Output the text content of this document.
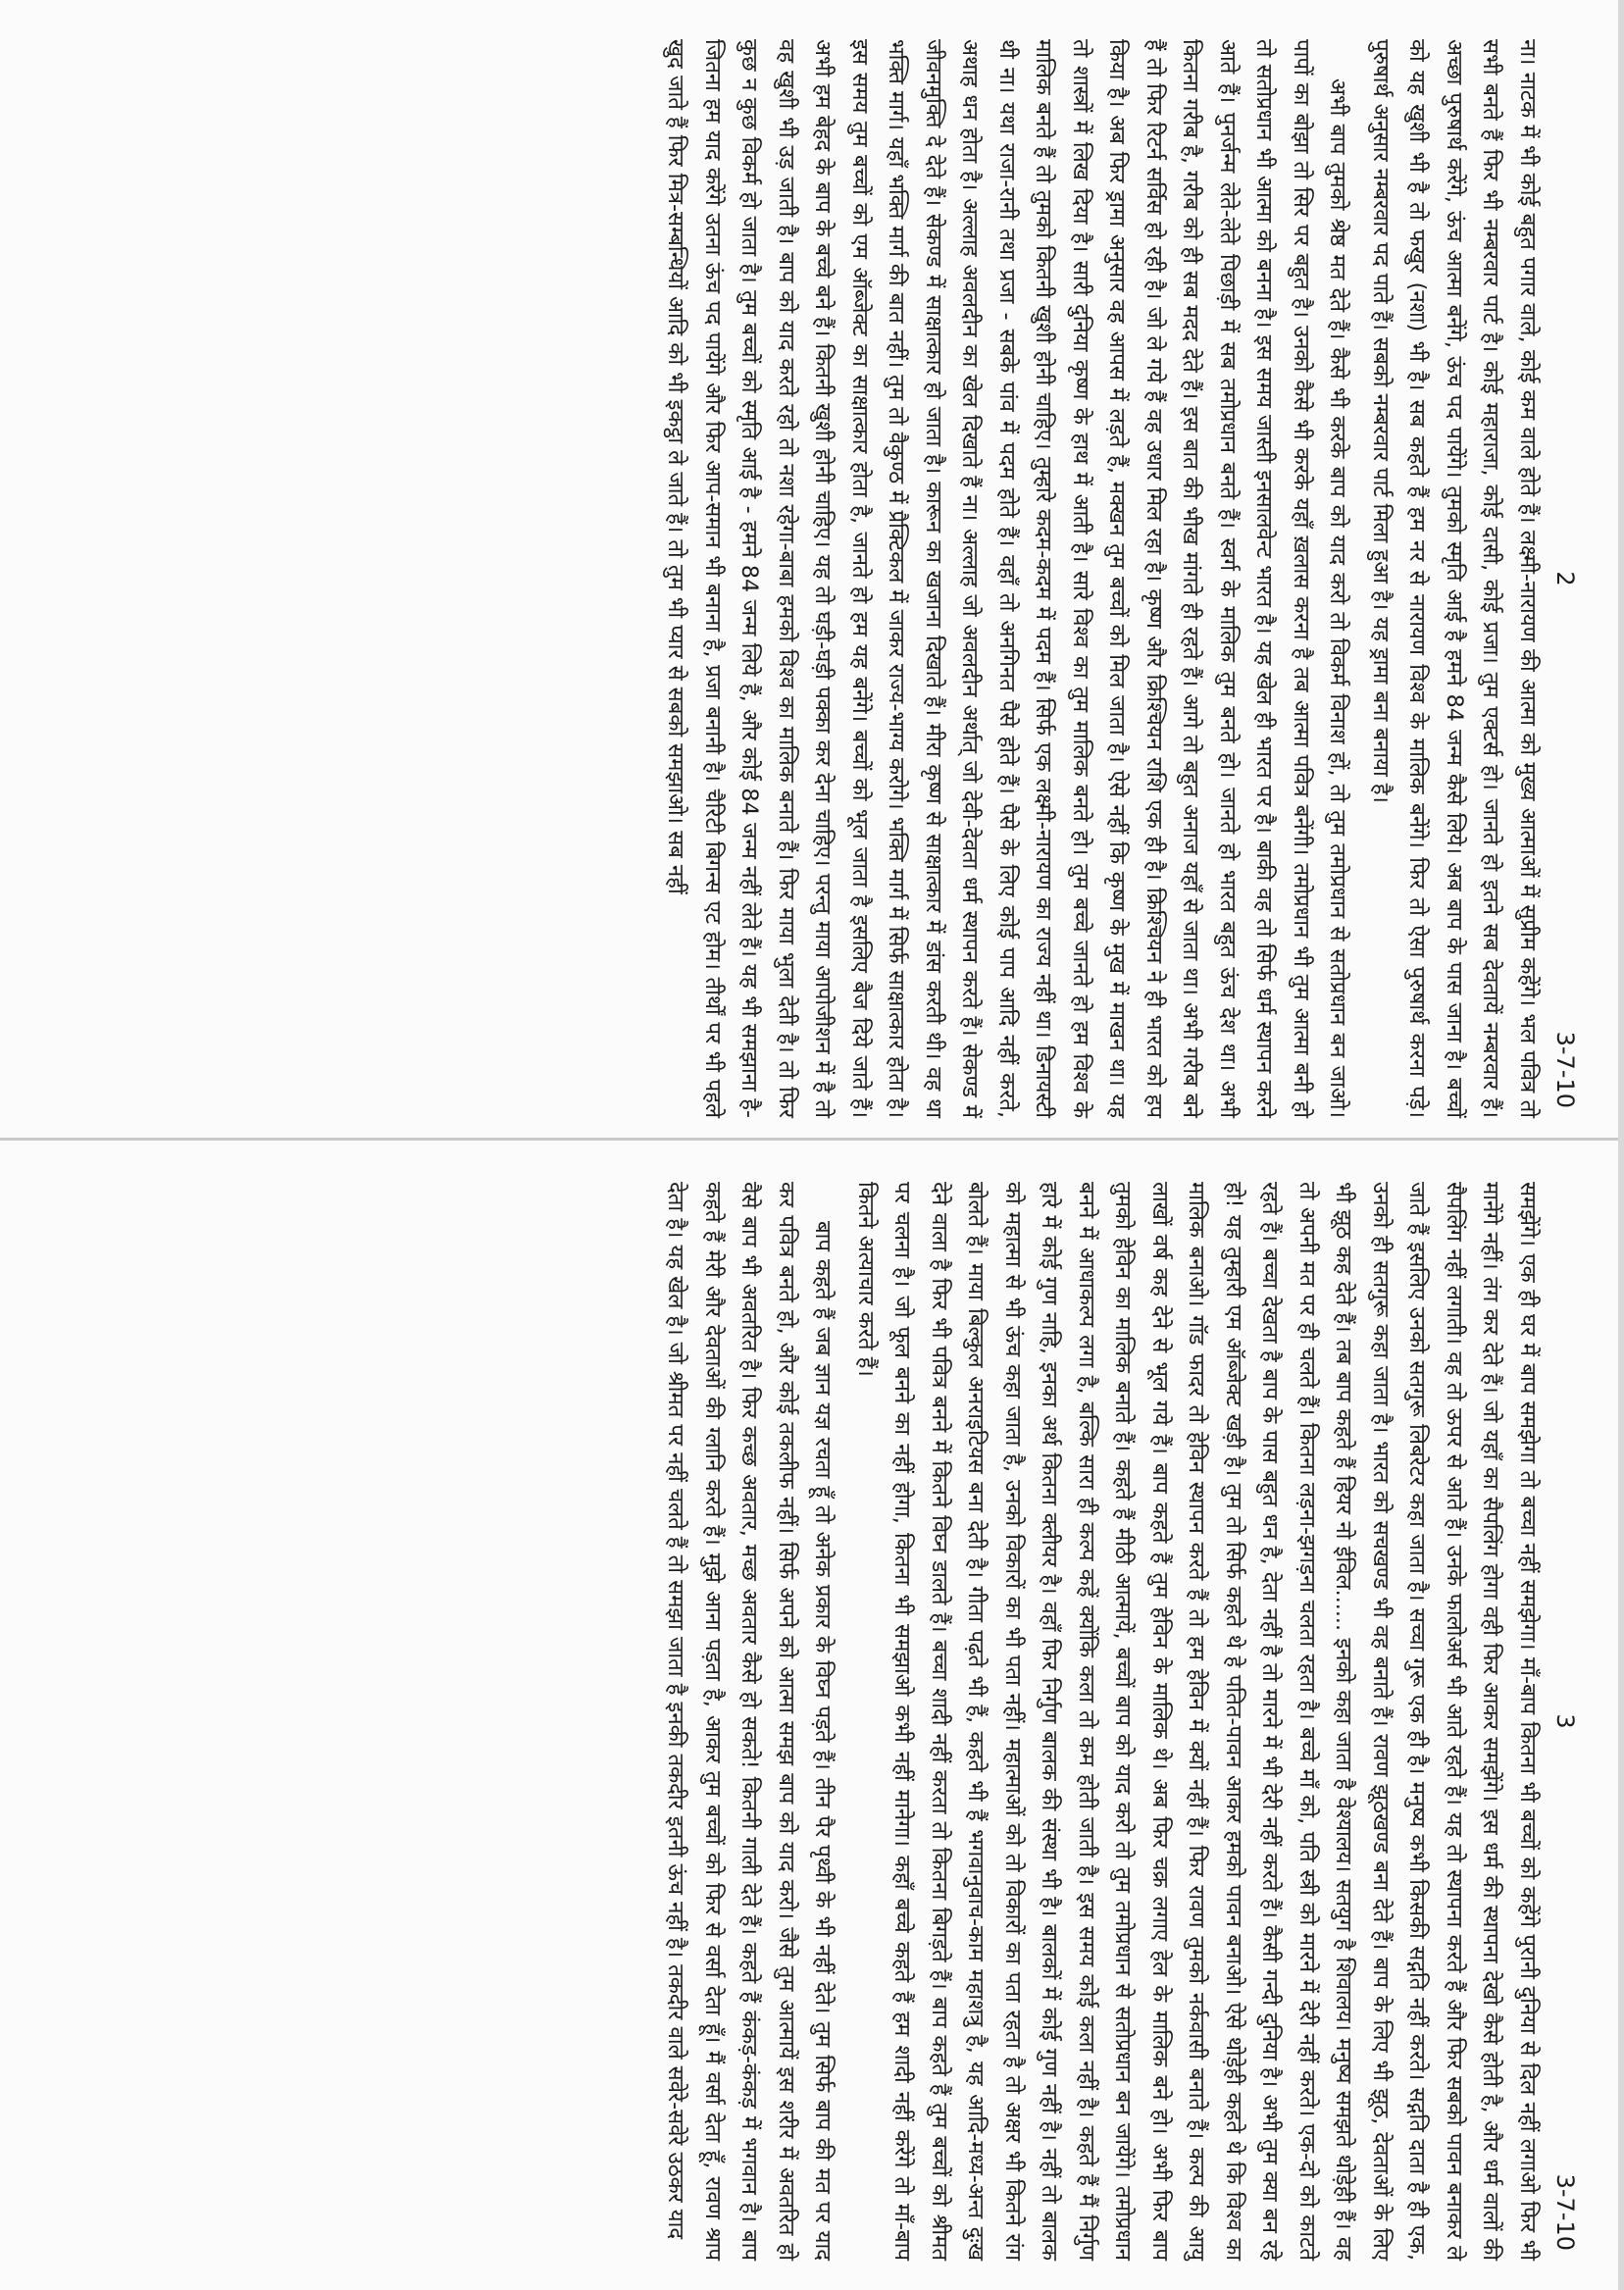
2
3-7-10

ना। नाटक में भी कोई बहुत पगार वाले, कोई कम वाले होते हैं। लक्ष्मी-नारायण की आत्मा को मुख्य आत्माओं में सुप्रीम कहेंगे। भल पवित्र तो सभी बनते हैं फिर भी नम्बरवार पार्ट है। कोई महाराजा, कोई दासी, कोई प्रजा। तुम एक्टर्स हो। जानते हो इतने सब देवतायें नम्बरवार हैं। अच्छा पुरुषार्थ करेंगे, ऊंच आत्मा बनेंगे, ऊंच पद पायेंगे। तुमको स्मृति आई है हमने 84 जन्म कैसे लिये। अब बाप के पास जाना है। बच्चों को यह खुशी भी है तो फखुर (नशा) भी है। सब कहते हैं हम नर से नारायण विश्व के मालिक बनेंगे। फिर तो ऐसा पुरुषार्थ करना पड़े। पुरुषार्थ अनुसार नम्बरवार पद पाते हैं। सबको नम्बरवार पार्ट मिला हुआ है। यह ड्रामा बना बनाया है।

अभी बाप तुमको श्रेष्ठ मत देते हैं। कैसे भी करके बाप को याद करो तो विकर्म विनाश हों, तो तुम तमोप्रधान से सतोप्रधान बन जाओ। पापों का बोझा तो सिर पर बहुत है। उनको कैसे भी करके यहाँ ख़लास करना है तब आत्मा पवित्र बनेंगी। तमोप्रधान भी तुम आत्मा बनी हो तो सतोप्रधान भी आत्मा को बनना है। इस समय जास्ती इनसालवेन्ट भारत है। यह खेल ही भारत पर है। बाकी वह तो सिर्फ धर्म स्थापन करने आते हैं। पुनर्जन्म लेते-लेते पिछाड़ी में सब तमोप्रधान बनते हैं। स्वर्ग के मालिक तुम बनते हो। जानते हो भारत बहुत ऊंच देश था। अभी कितना गरीब है, गरीब को ही सब मदद देते हैं। इस बात की भीख मांगते ही रहते हैं। आगे तो बहुत अनाज यहाँ से जाता था। अभी गरीब बने हैं तो फिर रिटर्न सर्विस हो रही है। जो ले गये हैं वह उधार मिल रहा है। कृष्ण और क्रिश्चियन राशि एक ही है। क्रिश्चियन ने ही भारत को हप किया है। अब फिर ड्रामा अनुसार वह आपस में लड़ते हैं, मक्खन तुम बच्चों को मिल जाता है। ऐसे नहीं कि कृष्ण के मुख में माखन था। यह तो शास्त्रों में लिख दिया है। सारी दुनिया कृष्ण के हाथ में आती है। सारे विश्व का तुम मालिक बनते हो। तुम बच्चे जानते हो हम विश्व के मालिक बनते हैं तो तुमको कितनी खुशी होनी चाहिए। तुम्हारे कदम-कदम में पदम हैं। सिर्फ एक लक्ष्मी-नारायण का राज्य नहीं था। डिनायस्टी थी ना। यथा राजा-रानी तथा प्रजा - सबके पांव में पदम होते हैं। वहाँ तो अनगिनत पैसे होते हैं। पैसे के लिए कोई पाप आदि नहीं करते, अथाह धन होता है। अल्लाह अवलदीन का खेल दिखाते हैं ना। अल्लाह जो अवलदीन अर्थात् जो देवी-देवता धर्म स्थापन करते हैं। सेकण्ड में जीवनमुक्ति दे देते हैं। सेकण्ड में साक्षात्कार हो जाता है। कारून का खजाना दिखाते हैं। मीरा कृष्ण से साक्षात्कार में डांस करती थी। वह था भक्ति मार्ग। यहाँ भक्ति मार्ग की बात नहीं। तुम तो वैकुण्ठ में प्रैक्टिकल में जाकर राज्य-भाग्य करोगे। भक्ति मार्ग में सिर्फ साक्षात्कार होता है। इस समय तुम बच्चों को एम ऑब्जेक्ट का साक्षात्कार होता है, जानते हो हम यह बनेंगे। बच्चों को भूल जाता है इसलिए बैज दिये जाते हैं। अभी हम बेहद के बाप के बच्चे बने हैं। कितनी खुशी होनी चाहिए। यह तो घड़ी-घड़ी पक्का कर देना चाहिए। परन्तु माया आपोजीशन में है तो वह खुशी भी उड़ जाती है। बाप को याद करते रहो तो नशा रहेगा-बाबा हमको विश्व का मालिक बनाते हैं। फिर माया भुला देती है। तो फिर कुछ न कुछ विकर्म हो जाता है। तुम बच्चों को स्मृति आई है - हमने 84 जन्म लिये हैं, और कोई 84 जन्म नहीं लेते हैं। यह भी समझाना है-जितना हम याद करेंगे उतना ऊंच पद पायेंगे और फिर आप-समान भी बनाना है, प्रजा बनानी है। चैरिटी बिगन्स एट होम। तीर्थों पर भी पहले खुद जाते हैं फिर मित्र-सम्बन्धियों आदि को भी इकट्ठा ले जाते हैं। तो तुम भी प्यार से सबको समझाओ। सब नहीं

3
3-7-10

समझेंगे। एक ही घर में बाप समझेगा तो बच्चा नहीं समझेगा। माँ-बाप कितना भी बच्चों को कहेंगे पुरानी दुनिया से दिल नहीं लगाओ फिर भी मानेंगे नहीं। तंग कर देते हैं। जो यहाँ का सैपलिंग होगा वही फिर आकर समझेंगे। इस धर्म की स्थापना देखो कैसे होती है, और धर्म वालों की सैपलिंग नहीं लगाती। वह तो ऊपर से आते हैं। उनके फालोअर्स भी आते रहते हैं। यह तो स्थापना करते हैं और फिर सबको पावन बनाकर ले जाते हैं इसलिए उनको सतगुरू लिबरेटर कहा जाता है। सच्चा गुरू एक ही है। मनुष्य कभी किसकी सद्गति नहीं करते। सद्गति दाता है ही एक, उनको ही सतगुरू कहा जाता है। भारत को सचखण्ड भी वह बनाते हैं। रावण झूठखण्ड बना देते हैं। बाप के लिए भी झूठ, देवताओं के लिए भी झूठ कह देते हैं। तब बाप कहते हैं हियर नो ईविल...... इनको कहा जाता है वेश्यालय। सतयुग है शिवालय। मनुष्य समझते थोड़ेही हैं। वह तो अपनी मत पर ही चलते हैं। कितना लड़ना-झगड़ना चलता रहता है। बच्चे माँ को, पति स्त्री को मारने में देरी नहीं करते। एक-दो को काटते रहते हैं। बच्चा देखता है बाप के पास बहुत धन है, देता नहीं है तो मारने में भी देरी नहीं करते हैं। कैसी गन्दी दुनिया है। अभी तुम क्या बन रहे हो! यह तुम्हारी एम ऑब्जेक्ट खड़ी है। तुम तो सिर्फ कहते थे हे पतित-पावन आकर हमको पावन बनाओ। ऐसे थोड़ेही कहते थे कि विश्व का मालिक बनाओ। गॉड फादर तो हेविन स्थापन करते हैं तो हम हेविन में क्यों नहीं हैं। फिर रावण तुमको नर्कवासी बनाते हैं। कल्प की आयु लाखों वर्ष कह देने से भूल गये हैं। बाप कहते हैं तुम हेविन के मालिक थे। अब फिर चक्र लगाए हेल के मालिक बने हो। अभी फिर बाप तुमको हेविन का मालिक बनाते हैं। कहते हैं मीठी आत्मायें, बच्चों बाप को याद करो तो तुम तमोप्रधान से सतोप्रधान बन जायेंगे। तमोप्रधान बनने में आधाकल्प लगा है, बल्कि सारा ही कल्प कहें क्योंकि कला तो कम होती जाती है। इस समय कोई कला नहीं है। कहते हैं मैं निर्गुण हारे में कोई गुण नाहि, इनका अर्थ कितना क्लीयर है। वहाँ फिर निर्गुण बालक की संस्था भी है। बालकों में कोई गुण नहीं है। नहीं तो बालक को महात्मा से भी ऊंच कहा जाता है, उनको विकारों का भी पता नहीं। महात्माओं को तो विकारों का पता रहता है तो अक्षर भी कितने रांग बोलते हैं। माया बिल्कुल अनराइटियस बना देती है। गीता पढ़ते भी हैं, कहते भी हैं भगवानुवाच-काम महाशत्रु है, यह आदि-मध्य-अन्त दुःख देने वाला है फिर भी पवित्र बनने में कितने विघ्न डालते हैं। बच्चा शादी नहीं करता तो कितना बिगड़ते हैं। बाप कहते हैं तुम बच्चों को श्रीमत पर चलना है। जो फूल बनने का नहीं होगा, कितना भी समझाओ कभी नहीं मानेगा। कहाँ बच्चे कहते हैं हम शादी नहीं करेंगे तो माँ-बाप कितने अत्याचार करते हैं।

बाप कहते हैं जब ज्ञान यज्ञ रचता हूँ तो अनेक प्रकार के विघ्न पड़ते हैं। तीन पैर पृथ्वी के भी नहीं देते। तुम सिर्फ बाप की मत पर याद कर पवित्र बनते हो, और कोई तकलीफ नहीं। सिर्फ अपने को आत्मा समझ बाप को याद करो। जैसे तुम आत्मायें इस शरीर में अवतरित हो वैसे बाप भी अवतरित है। फिर कच्छ अवतार, मच्छ अवतार कैसे हो सकते! कितनी गाली देते हैं। कहते हैं कंकड़-कंकड़ में भगवान है। बाप कहते हैं मेरी और देवताओं की ग्लानि करते हैं। मुझे आना पड़ता है, आकर तुम बच्चों को फिर से वर्सा देता हूँ। मैं वर्सा देता हूँ, रावण श्राप देता है। यह खेल है। जो श्रीमत पर नहीं चलते हैं तो समझा जाता है इनकी तकदीर इतनी ऊंच नहीं है। तकदीर वाले सवेरे-सवेरे उठकर याद
